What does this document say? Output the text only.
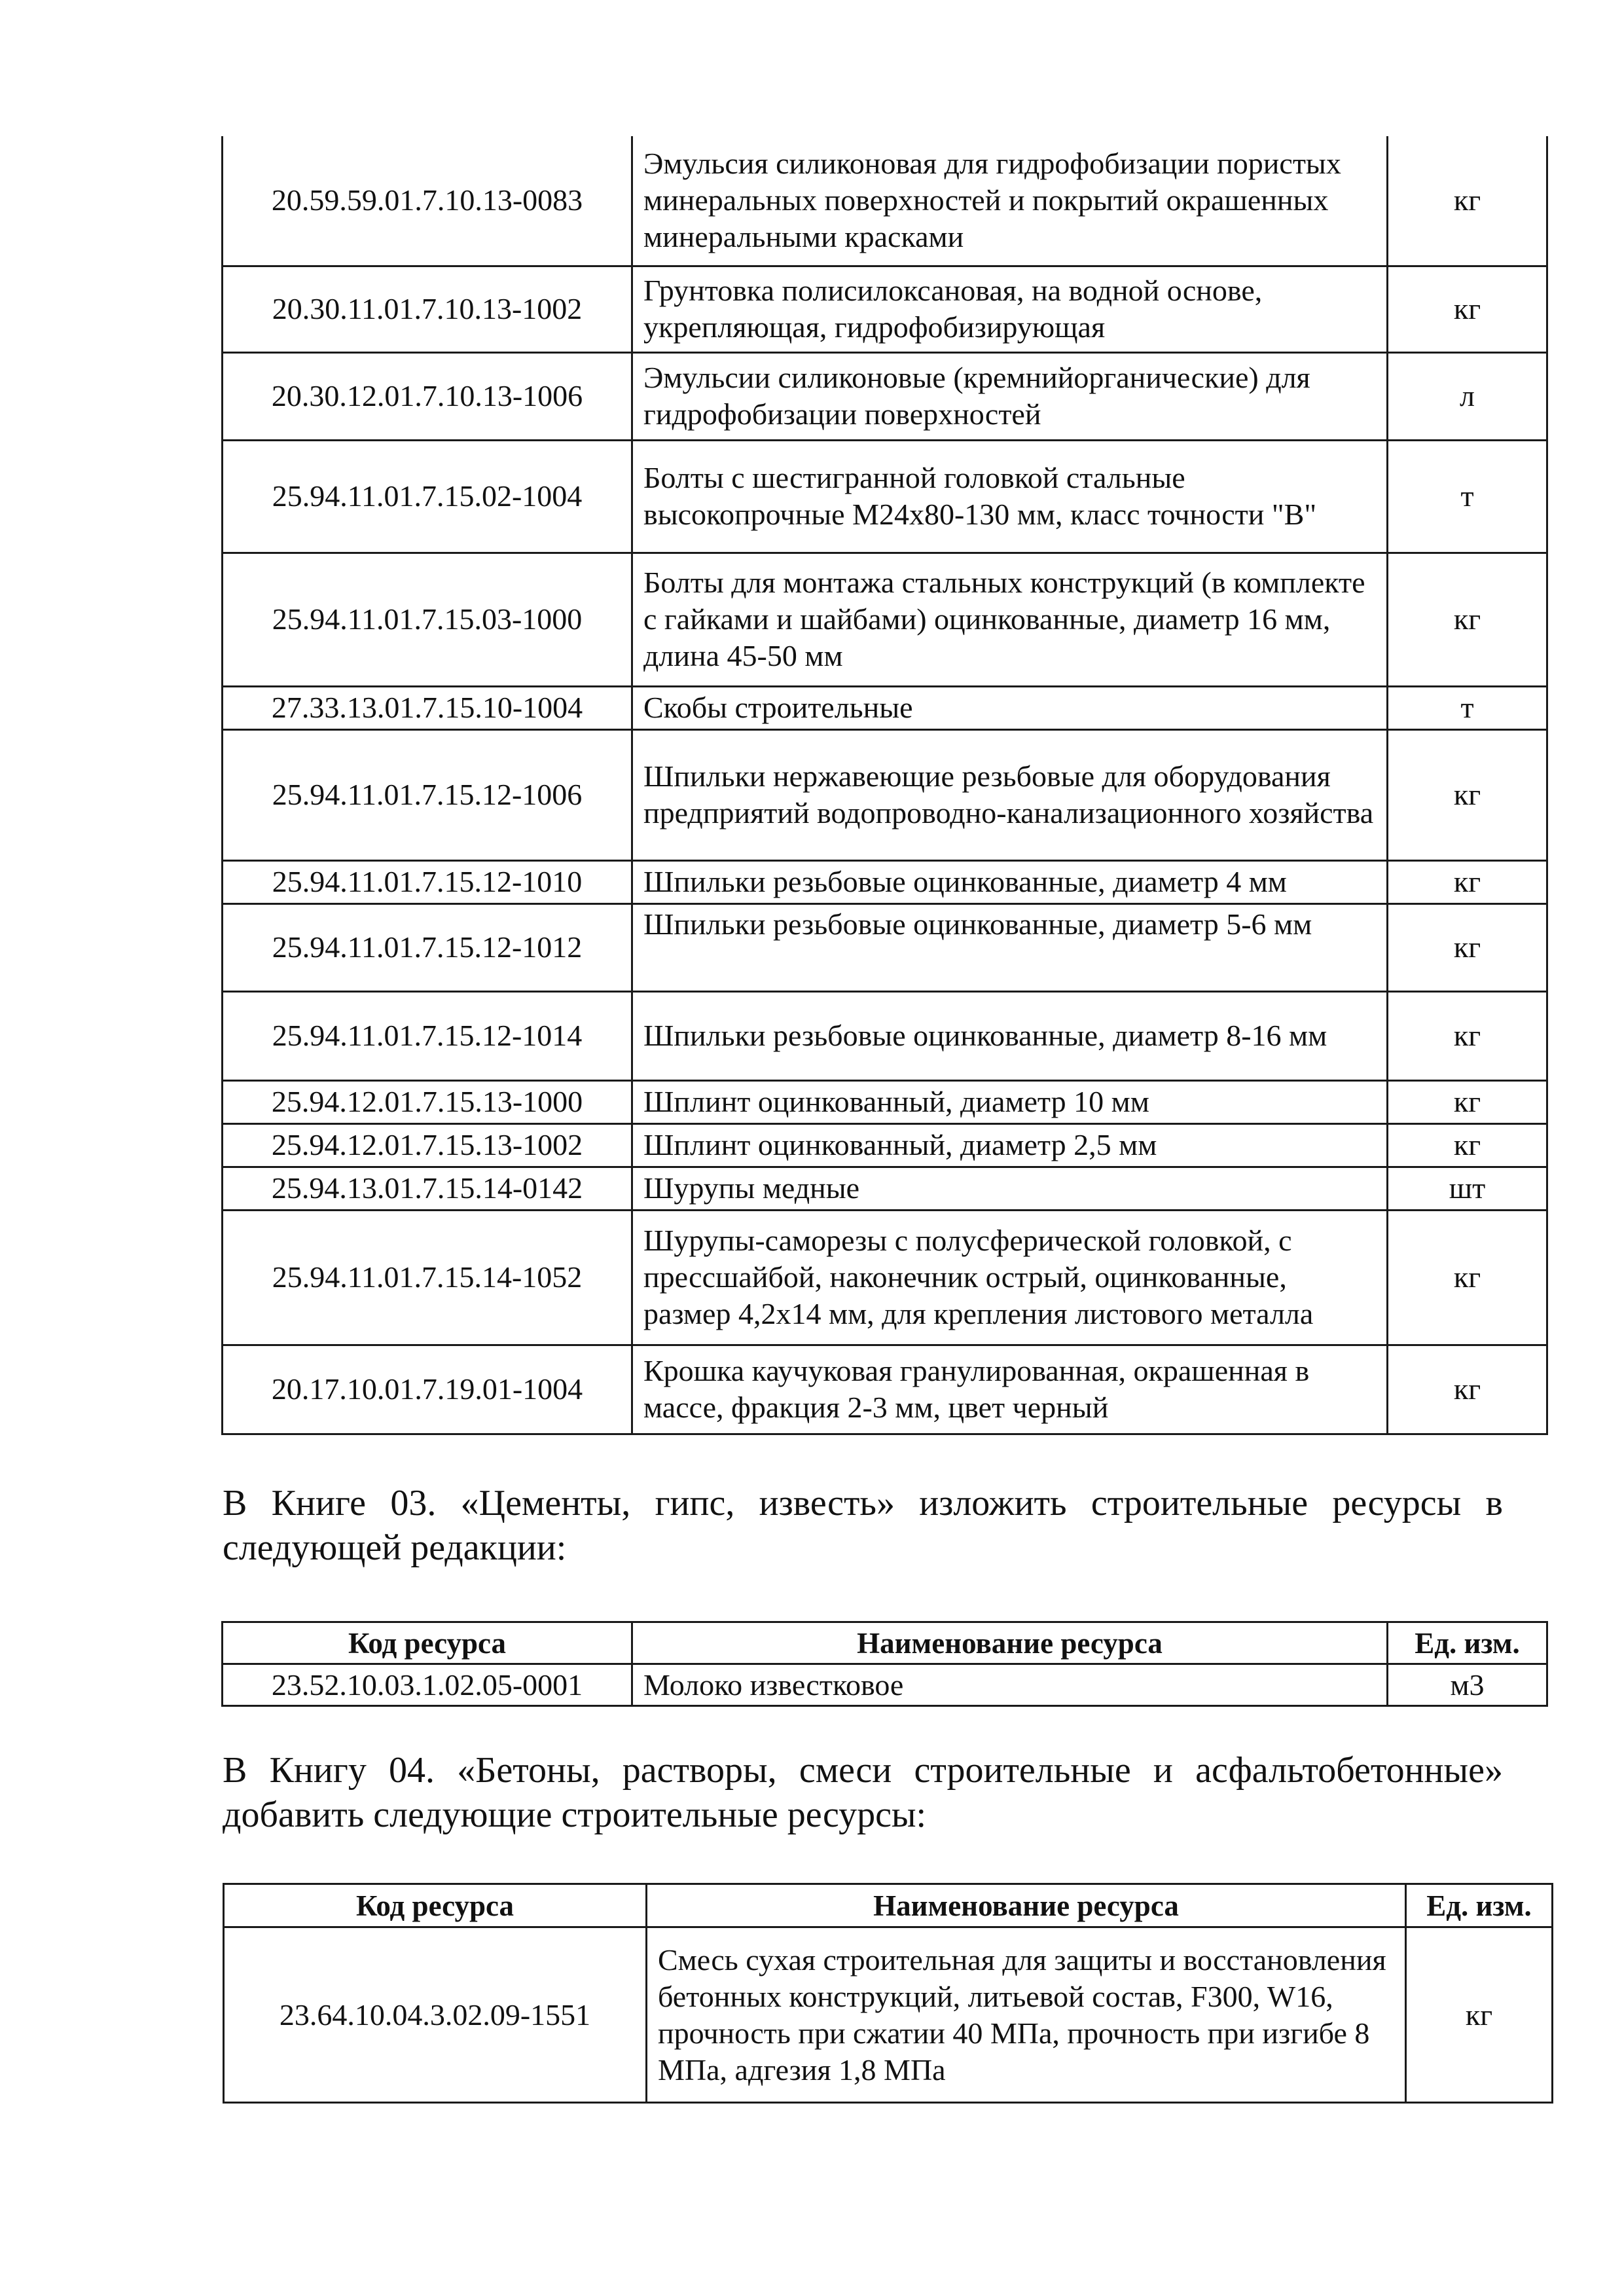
20.59.59.01.7.10.13-0083	Эмульсия силиконовая для гидрофобизации пористых минеральных поверхностей и покрытий окрашенных минеральными красками	кг
20.30.11.01.7.10.13-1002	Грунтовка полисилоксановая, на водной основе, укрепляющая, гидрофобизирующая	кг
20.30.12.01.7.10.13-1006	Эмульсии силиконовые (кремнийорганические) для гидрофобизации поверхностей	л
25.94.11.01.7.15.02-1004	Болты с шестигранной головкой стальные высокопрочные М24х80-130 мм, класс точности "В"	т
25.94.11.01.7.15.03-1000	Болты для монтажа стальных конструкций (в комплекте с гайками и шайбами) оцинкованные, диаметр 16 мм, длина 45-50 мм	кг
27.33.13.01.7.15.10-1004	Скобы строительные	т
25.94.11.01.7.15.12-1006	Шпильки нержавеющие резьбовые для оборудования предприятий водопроводно-канализационного хозяйства	кг
25.94.11.01.7.15.12-1010	Шпильки резьбовые оцинкованные, диаметр 4 мм	кг
25.94.11.01.7.15.12-1012	Шпильки резьбовые оцинкованные, диаметр 5-6 мм	кг
25.94.11.01.7.15.12-1014	Шпильки резьбовые оцинкованные, диаметр 8-16 мм	кг
25.94.12.01.7.15.13-1000	Шплинт оцинкованный, диаметр 10 мм	кг
25.94.12.01.7.15.13-1002	Шплинт оцинкованный, диаметр 2,5 мм	кг
25.94.13.01.7.15.14-0142	Шурупы медные	шт
25.94.11.01.7.15.14-1052	Шурупы-саморезы с полусферической головкой, с прессшайбой, наконечник острый, оцинкованные, размер 4,2х14 мм, для крепления листового металла	кг
20.17.10.01.7.19.01-1004	Крошка каучуковая гранулированная, окрашенная в массе, фракция 2-3 мм, цвет черный	кг
В Книге 03. «Цементы, гипс, известь» изложить строительные ресурсы в следующей редакции:
Код ресурса	Наименование ресурса	Ед. изм.
23.52.10.03.1.02.05-0001	Молоко известковое	м3
В Книгу 04. «Бетоны, растворы, смеси строительные и асфальтобетонные» добавить следующие строительные ресурсы:
Код ресурса	Наименование ресурса	Ед. изм.
23.64.10.04.3.02.09-1551	Смесь сухая строительная для защиты и восстановления бетонных конструкций, литьевой состав, F300, W16, прочность при сжатии 40 МПа, прочность при изгибе 8 МПа, адгезия 1,8 МПа	кг
